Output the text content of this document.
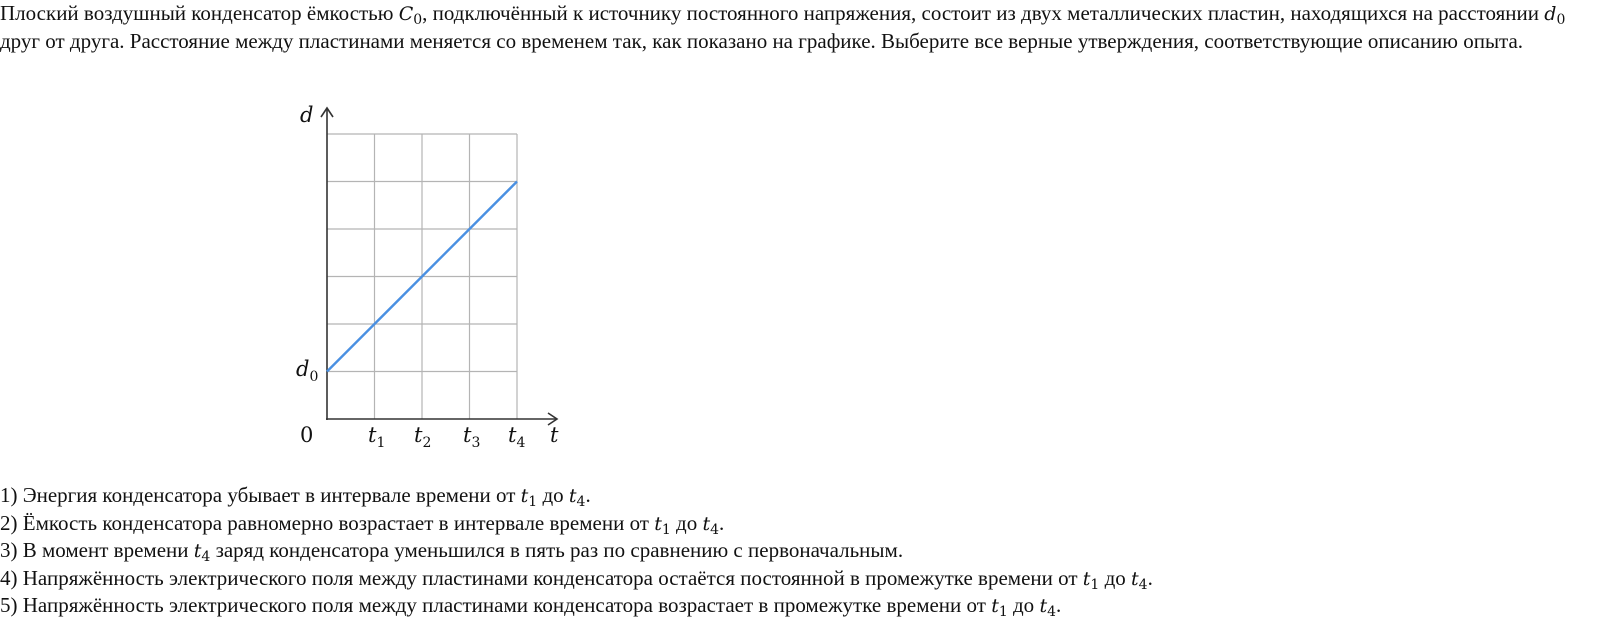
Плоский воздушный конденсатор ёмкостью $C_0$, подключённый к источнику постоянного напряжения, состоит из двух металлических пластин, находящихся на расстоянии $d_0$ друг от друга. Расстояние между пластинами меняется со временем так, как показано на графике. Выберите все верные утверждения, соответствующие описанию опыта.

d
$d_0$
0	$t_1$ $t_2$ $t_3$ $t_4$ t
1) Энергия конденсатора убывает в интервале времени от $t_1$ до $t_4$.
2) Ёмкость конденсатора равномерно возрастает в интервале времени от $t_1$ до $t_4$.
3) В момент времени $t_4$ заряд конденсатора уменьшился в пять раз по сравнению с первоначальным.
4) Напряжённость электрического поля между пластинами конденсатора остаётся постоянной в промежутке времени от $t_1$ до $t_4$.
5) Напряжённость электрического поля между пластинами конденсатора возрастает в промежутке времени от $t_1$ до $t_4$.
